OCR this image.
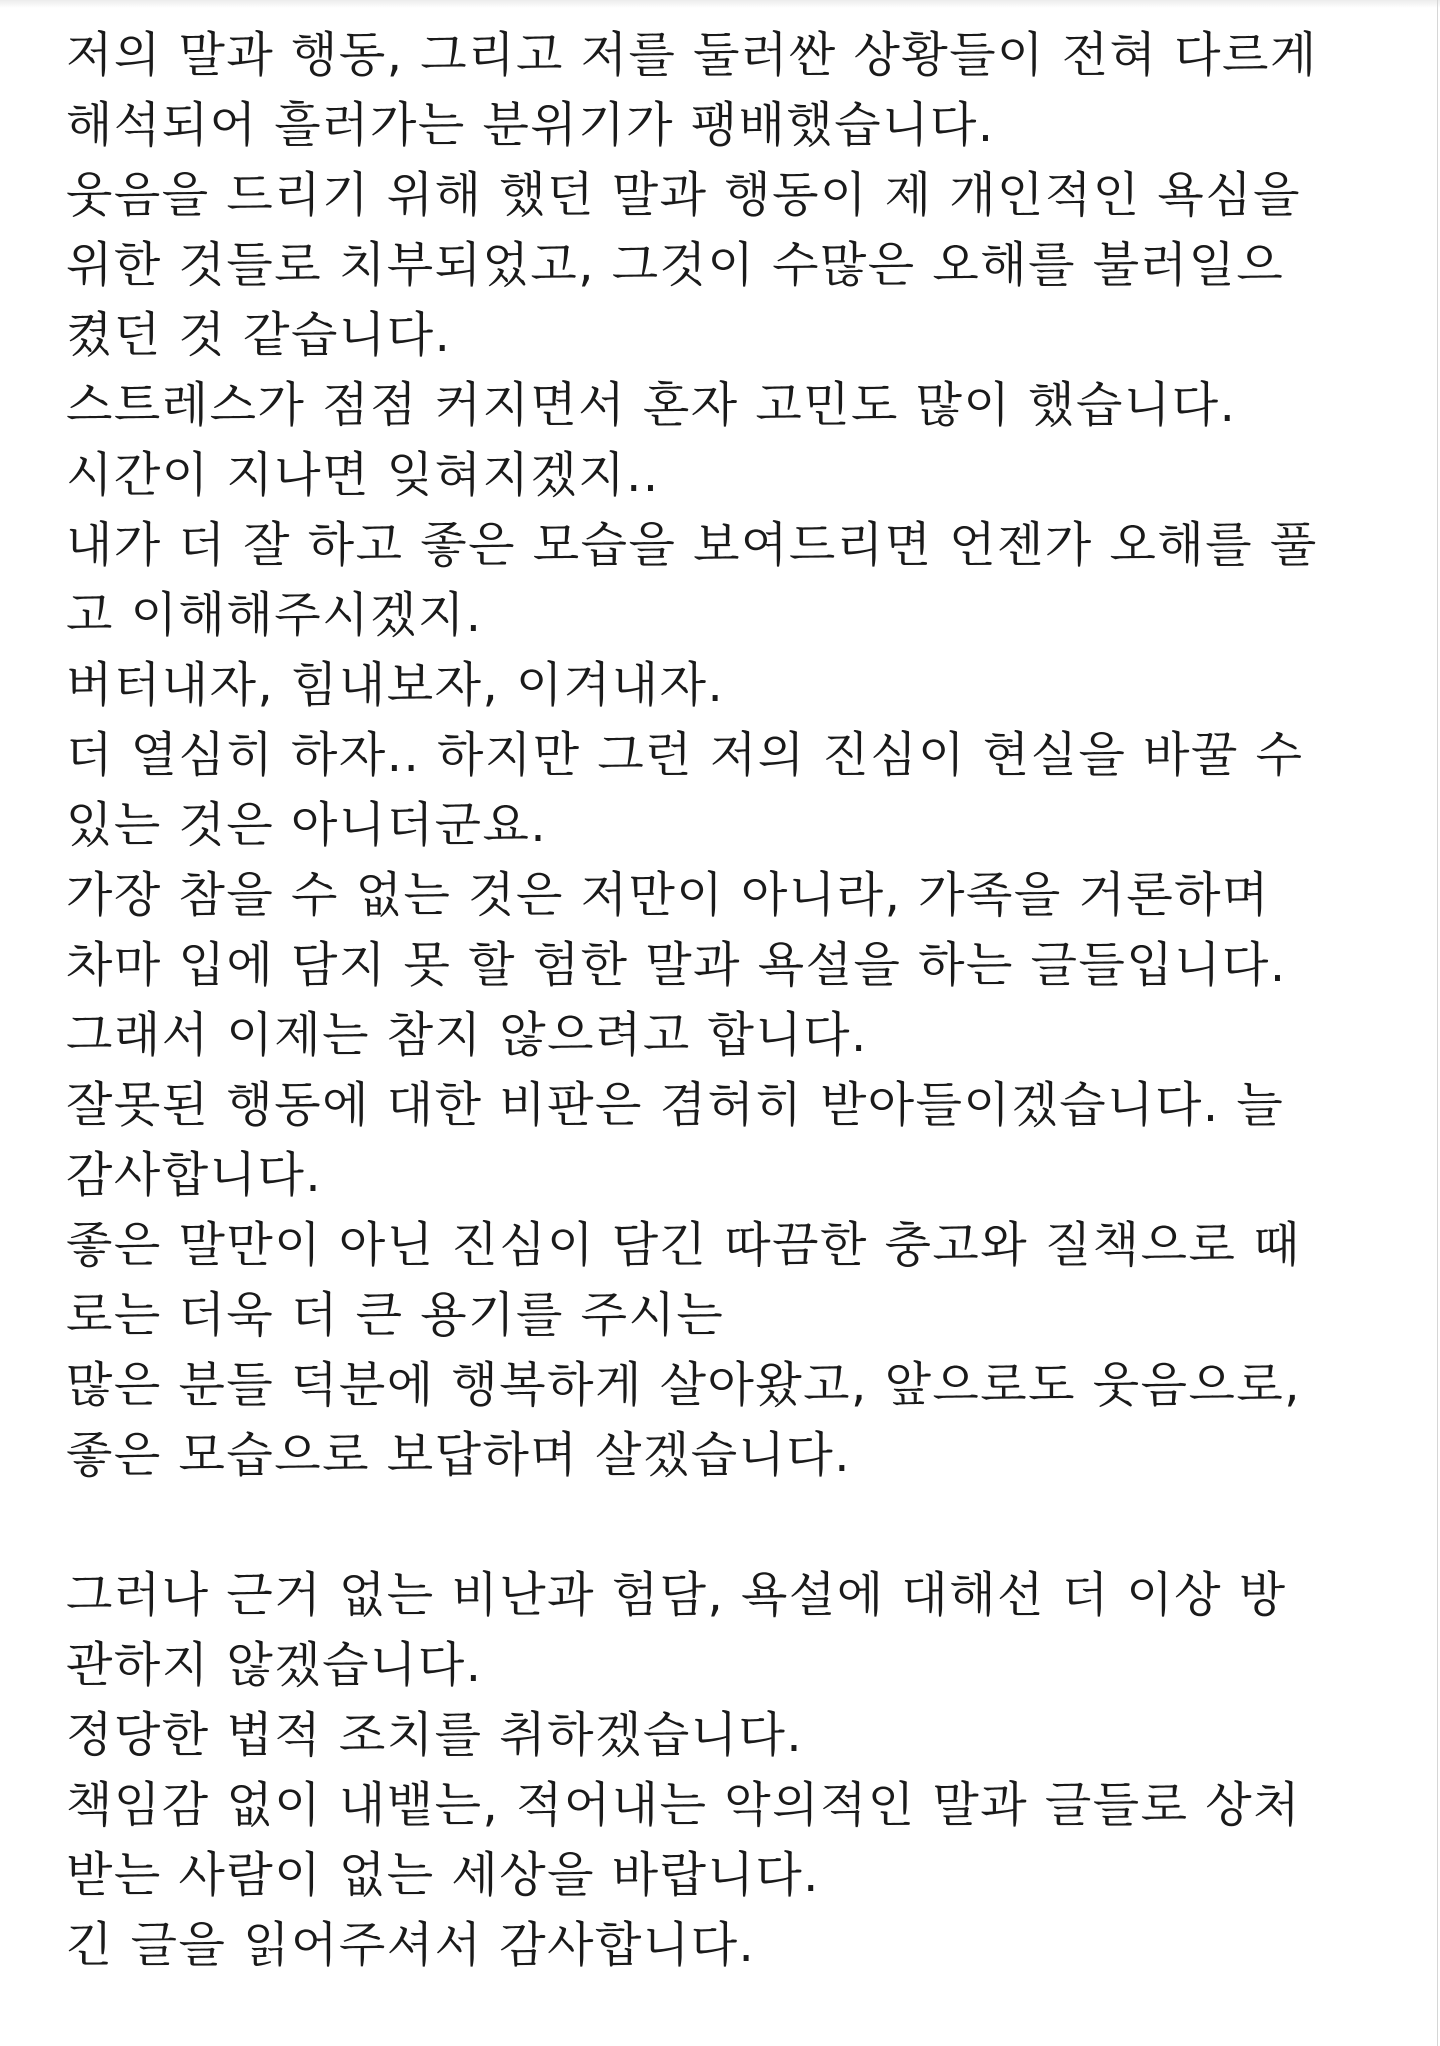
저의 말과 행동, 그리고 저를 둘러싼 상황들이 전혀 다르게
해석되어 흘러가는 분위기가 팽배했습니다.
웃음을 드리기 위해 했던 말과 행동이 제 개인적인 욕심을
위한 것들로 치부되었고, 그것이 수많은 오해를 불러일으
켰던 것 같습니다.
스트레스가 점점 커지면서 혼자 고민도 많이 했습니다.
시간이 지나면 잊혀지겠지..
내가 더 잘 하고 좋은 모습을 보여드리면 언젠가 오해를 풀
고 이해해주시겠지.
버터내자, 힘내보자, 이겨내자.
더 열심히 하자.. 하지만 그런 저의 진심이 현실을 바꿀 수
있는 것은 아니더군요.
가장 참을 수 없는 것은 저만이 아니라, 가족을 거론하며
차마 입에 담지 못 할 험한 말과 욕설을 하는 글들입니다.
그래서 이제는 참지 않으려고 합니다.
잘못된 행동에 대한 비판은 겸허히 받아들이겠습니다. 늘
감사합니다.
좋은 말만이 아닌 진심이 담긴 따끔한 충고와 질책으로 때
로는 더욱 더 큰 용기를 주시는
많은 분들 덕분에 행복하게 살아왔고, 앞으로도 웃음으로,
좋은 모습으로 보답하며 살겠습니다.
그러나 근거 없는 비난과 험담, 욕설에 대해선 더 이상 방
관하지 않겠습니다.
정당한 법적 조치를 취하겠습니다.
책임감 없이 내뱉는, 적어내는 악의적인 말과 글들로 상처
받는 사람이 없는 세상을 바랍니다.
긴 글을 읽어주셔서 감사합니다.
